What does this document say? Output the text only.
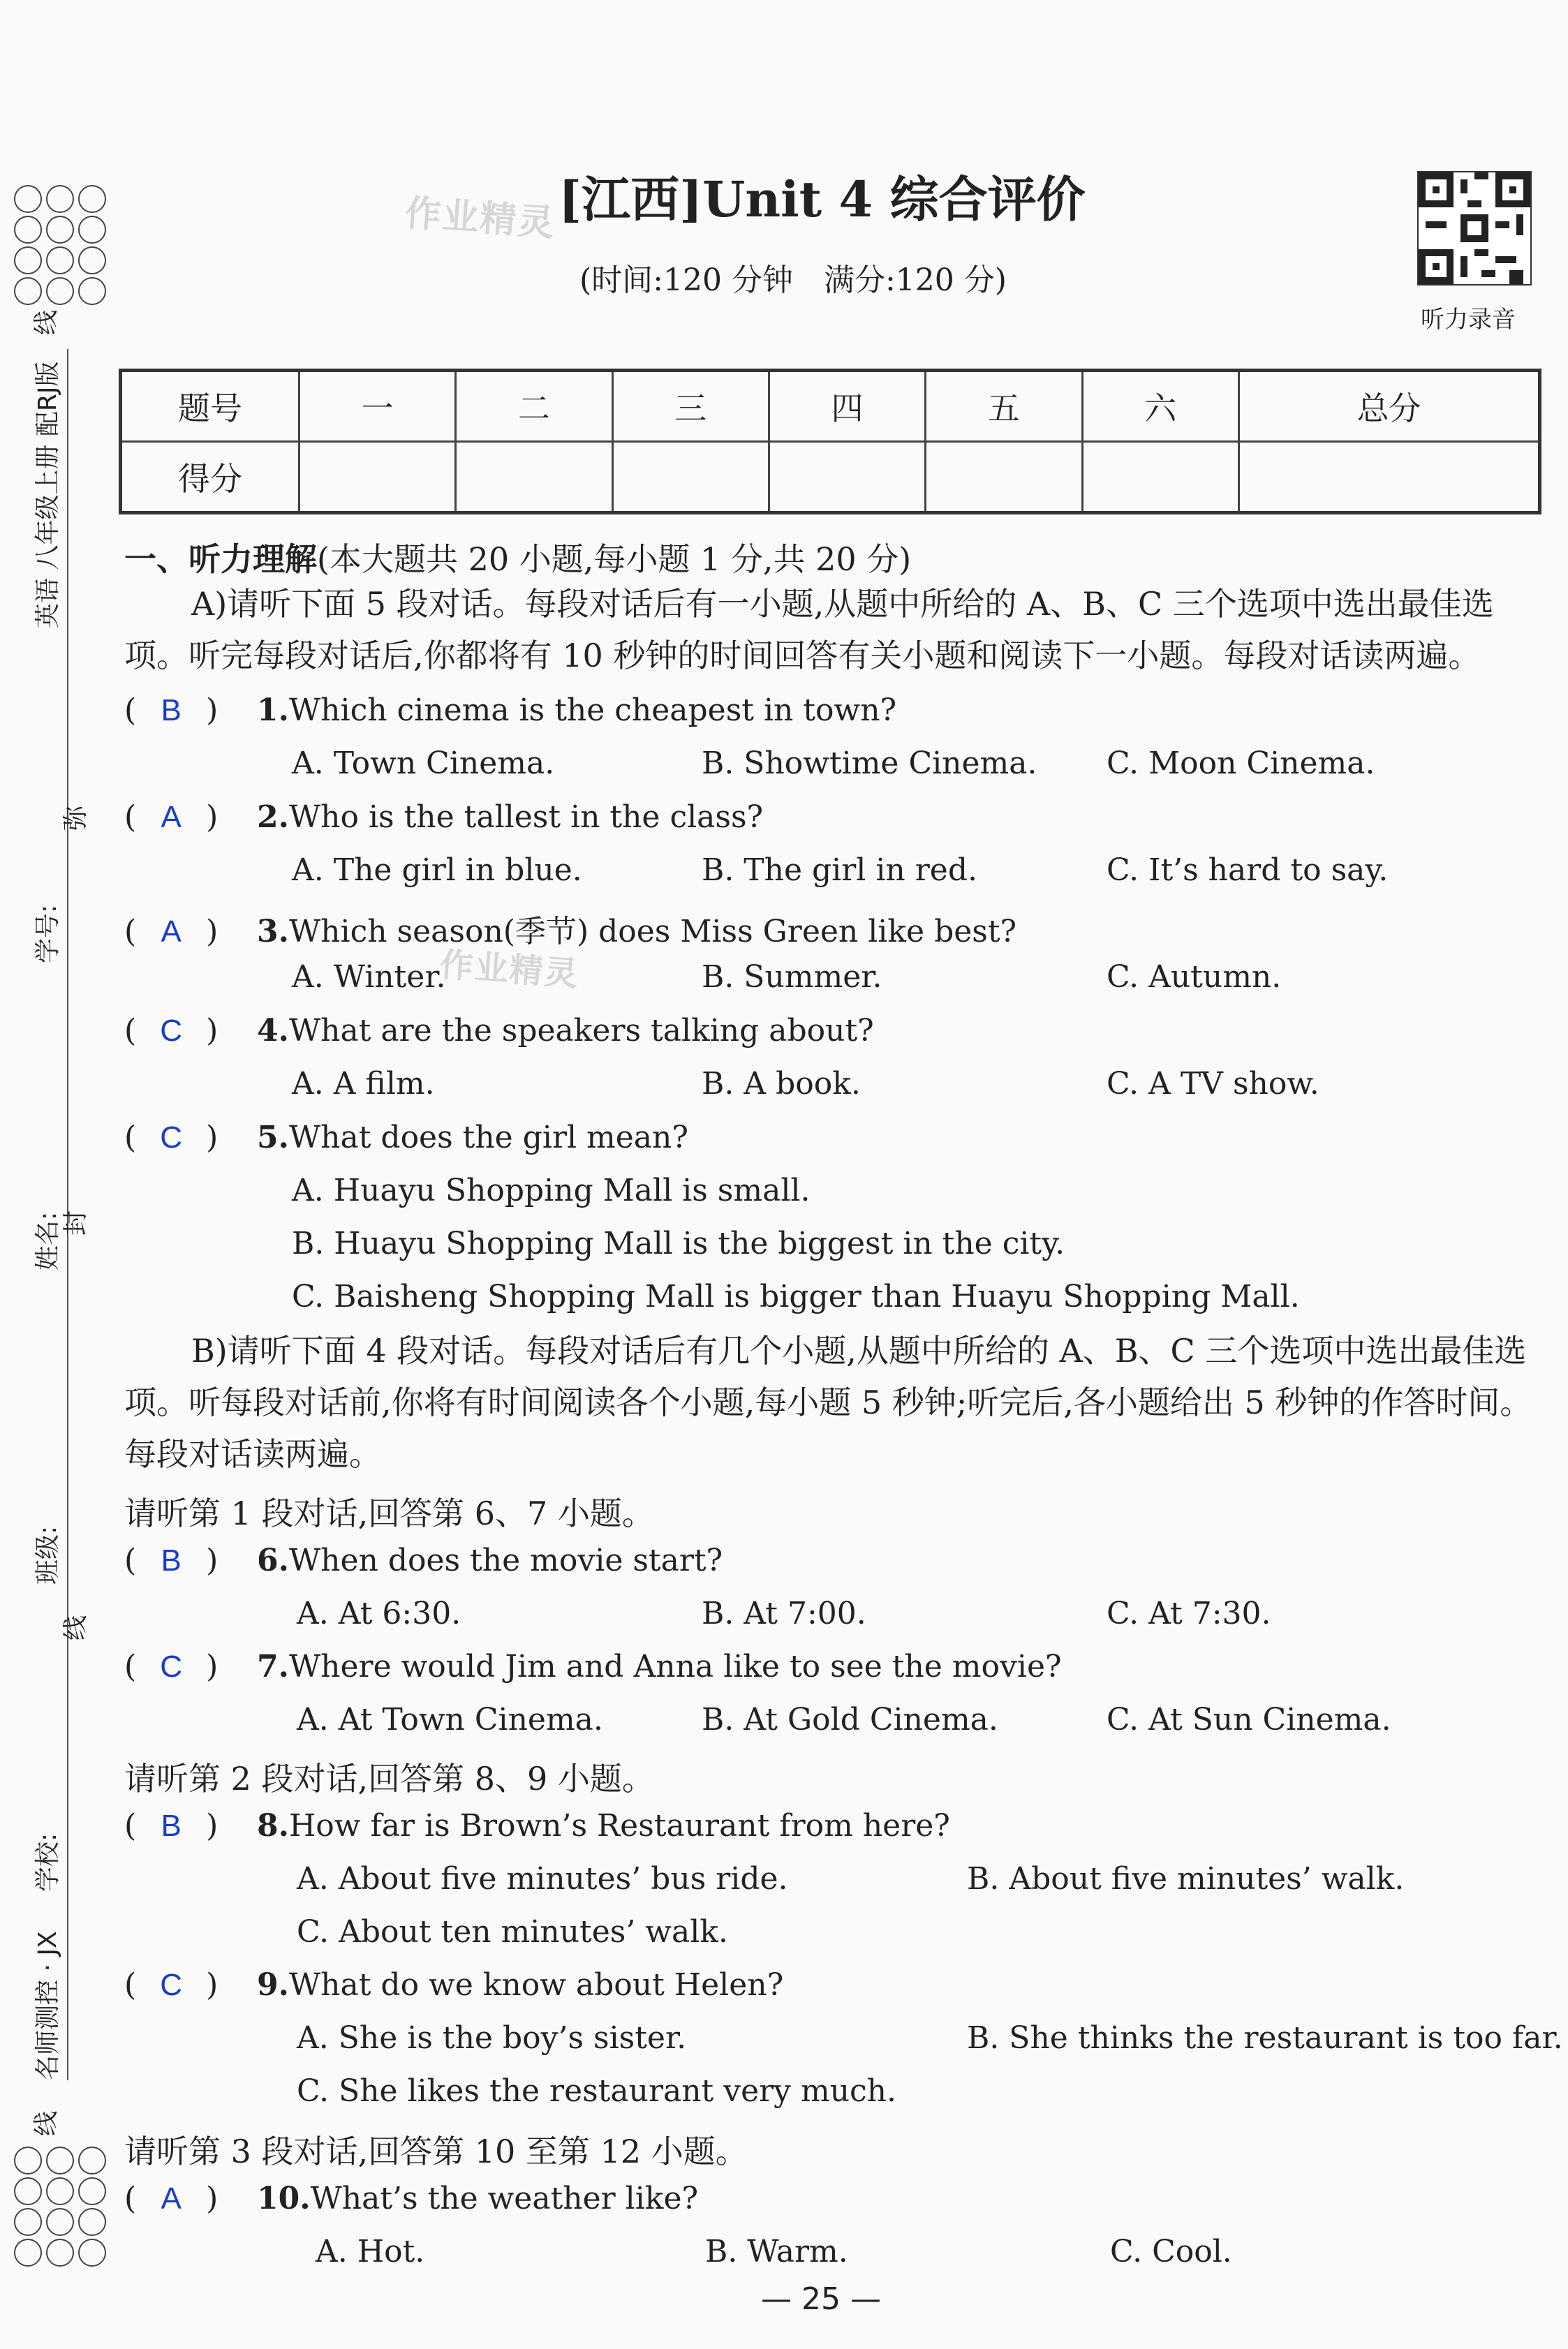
英语 八年级上册 配RJ版
线
弥
学号:
姓名: 封
班级:
线
学校:
名师测控 · JX
线
作业精灵
作业精灵
[江西]Unit 4 综合评价
(时间:120 分钟　满分:120 分)
听力录音
题号	一	二	三	四	五	六	总分
得分							
一、听力理解(本大题共 20 小题,每小题 1 分,共 20 分)
A)请听下面 5 段对话。每段对话后有一小题,从题中所给的 A、B、C 三个选项中选出最佳选项。听完每段对话后,你都将有 10 秒钟的时间回答有关小题和阅读下一小题。每段对话读两遍。
( B ) 1.Which cinema is the cheapest in town?
A. Town Cinema.	B. Showtime Cinema. C. Moon Cinema.
( A ) 2.Who is the tallest in the class?
A. The girl in blue.	B. The girl in red.	C. It’s hard to say.
( A ) 3.Which season(季节) does Miss Green like best?
A. Winter.	B. Summer.	C. Autumn.
( C ) 4.What are the speakers talking about?
A. A film.	B. A book.	C. A TV show.
( C ) 5.What does the girl mean?
A. Huayu Shopping Mall is small.
B. Huayu Shopping Mall is the biggest in the city.
C. Baisheng Shopping Mall is bigger than Huayu Shopping Mall.
B)请听下面 4 段对话。每段对话后有几个小题,从题中所给的 A、B、C 三个选项中选出最佳选项。听每段对话前,你将有时间阅读各个小题,每小题 5 秒钟;听完后,各小题给出 5 秒钟的作答时间。每段对话读两遍。
请听第 1 段对话,回答第 6、7 小题。
( B ) 6.When does the movie start?
A. At 6:30.	B. At 7:00.	C. At 7:30.
( C ) 7.Where would Jim and Anna like to see the movie?
A. At Town Cinema.	B. At Gold Cinema.	C. At Sun Cinema.
请听第 2 段对话,回答第 8、9 小题。
( B ) 8.How far is Brown’s Restaurant from here?
A. About five minutes’ bus ride.	B. About five minutes’ walk.
C. About ten minutes’ walk.
( C ) 9.What do we know about Helen?
A. She is the boy’s sister.	B. She thinks the restaurant is too far.
C. She likes the restaurant very much.
请听第 3 段对话,回答第 10 至第 12 小题。
( A ) 10.What’s the weather like?
A. Hot.	B. Warm.	C. Cool.
— 25 —
